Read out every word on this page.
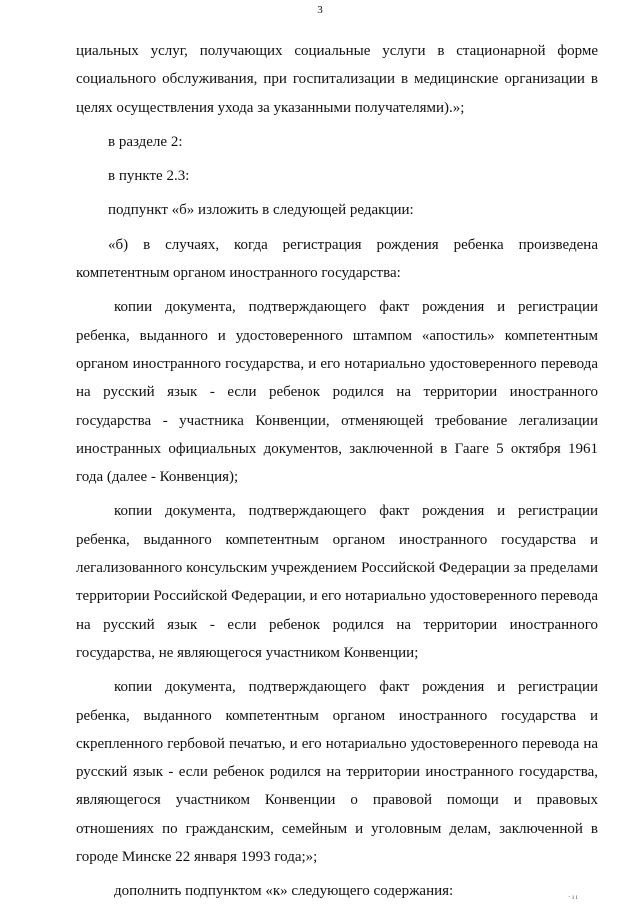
3

циальных услуг, получающих социальные услуги в стационарной форме социального обслуживания, при госпитализации в медицинские организации в целях осуществления ухода за указанными получателями).»;

в разделе 2:

в пункте 2.3:

подпункт «б» изложить в следующей редакции:

«б) в случаях, когда регистрация рождения ребенка произведена компетентным органом иностранного государства:

копии документа, подтверждающего факт рождения и регистрации ребенка, выданного и удостоверенного штампом «апостиль» компетентным органом иностранного государства, и его нотариально удостоверенного перевода на русский язык - если ребенок родился на территории иностранного государства - участника Конвенции, отменяющей требование легализации иностранных официальных документов, заключенной в Гааге 5 октября 1961 года (далее - Конвенция);

копии документа, подтверждающего факт рождения и регистрации ребенка, выданного компетентным органом иностранного государства и легализованного консульским учреждением Российской Федерации за пределами территории Российской Федерации, и его нотариально удостоверенного перевода на русский язык - если ребенок родился на территории иностранного государства, не являющегося участником Конвенции;

копии документа, подтверждающего факт рождения и регистрации ребенка, выданного компетентным органом иностранного государства и скрепленного гербовой печатью, и его нотариально удостоверенного перевода на русский язык - если ребенок родился на территории иностранного государства, являющегося участником Конвенции о правовой помощи и правовых отношениях по гражданским, семейным и уголовным делам, заключенной в городе Минске 22 января 1993 года;»;

дополнить подпунктом «к» следующего содержания:	· ı ı
